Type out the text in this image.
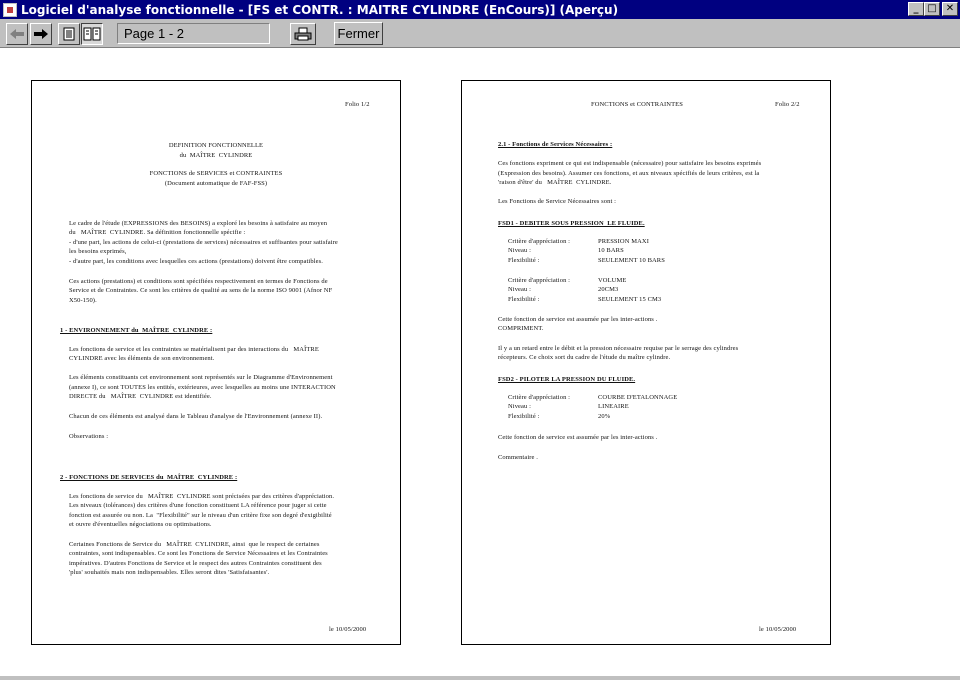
Logiciel d'analyse fonctionnelle - [FS et CONTR. : MAITRE CYLINDRE (EnCours)] (Aperçu)	_ □ ✕
Page 1 - 2	Fermer
Folio 1/2
DEFINITION FONCTIONNELLE
du  MAÎTRE  CYLINDRE
FONCTIONS de SERVICES et CONTRAINTES
(Document automatique de FAF-FSS)
Le cadre de l'étude (EXPRESSIONS des BESOINS) a exploré les besoins à satisfaire au moyen
du   MAÎTRE  CYLINDRE. Sa définition fonctionnelle spécifie :
- d'une part, les actions de celui-ci (prestations de services) nécessaires et suffisantes pour satisfaire
les besoins exprimés,
- d'autre part, les conditions avec lesquelles ces actions (prestations) doivent être compatibles.
Ces actions (prestations) et conditions sont spécifiées respectivement en termes de Fonctions de
Service et de Contraintes. Ce sont les critères de qualité au sens de la norme ISO 9001 (Afnor NF
X50-150).
1 - ENVIRONNEMENT du  MAÎTRE  CYLINDRE :
Les fonctions de service et les contraintes se matérialisent par des interactions du   MAÎTRE
CYLINDRE avec les éléments de son environnement.
Les éléments constituants cet environnement sont représentés sur le Diagramme d'Environnement
(annexe I), ce sont TOUTES les entités, extérieures, avec lesquelles au moins une INTERACTION
DIRECTE du   MAÎTRE  CYLINDRE est identifiée.
Chacun de ces éléments est analysé dans le Tableau d'analyse de l'Environnement (annexe II).
Observations :
2 - FONCTIONS DE SERVICES du  MAÎTRE  CYLINDRE :
Les fonctions de service du   MAÎTRE  CYLINDRE sont précisées par des critères d'appréciation.
Les niveaux (tolérances) des critères d'une fonction constituent LA référence pour juger si cette
fonction est assurée ou non. La  "Flexibilité" sur le niveau d'un critère fixe son degré d'exigibilité
et ouvre d'éventuelles négociations ou optimisations.
Certaines Fonctions de Service du   MAÎTRE  CYLINDRE, ainsi  que le respect de certaines
contraintes, sont indispensables. Ce sont les Fonctions de Service Nécessaires et les Contraintes
impératives. D'autres Fonctions de Service et le respect des autres Contraintes constituent des
'plus' souhaités mais non indispensables. Elles seront dites 'Satisfaisantes'.
le 10/05/2000
FONCTIONS et CONTRAINTES	Folio 2/2
2.1 - Fonctions de Services Nécessaires :
Ces fonctions expriment ce qui est indispensable (nécessaire) pour satisfaire les besoins exprimés
(Expression des besoins). Assumer ces fonctions, et aux niveaux spécifiés de leurs critères, est la
'raison d'être' du   MAÎTRE  CYLINDRE.
Les Fonctions de Service Nécessaires sont :
FSD1 - DEBITER SOUS PRESSION  LE FLUIDE.
Critère d'appréciation :	PRESSION MAXI
Niveau :	10 BARS
Flexibilité :	SEULEMENT 10 BARS
Critère d'appréciation :	VOLUME
Niveau :	20CM3
Flexibilité :	SEULEMENT 15 CM3
Cette fonction de service est assumée par les inter-actions .
COMPRIMENT.
Il y a un retard entre le débit et la pression nécessaire requise par le serrage des cylindres
récepteurs. Ce choix sort du cadre de l'étude du maître cylindre.
FSD2 - PILOTER LA PRESSION DU FLUIDE.
Critère d'appréciation :	COURBE D'ETALONNAGE
Niveau :	LINEAIRE
Flexibilité :	20%
Cette fonction de service est assumée par les inter-actions .
Commentaire .
le 10/05/2000
